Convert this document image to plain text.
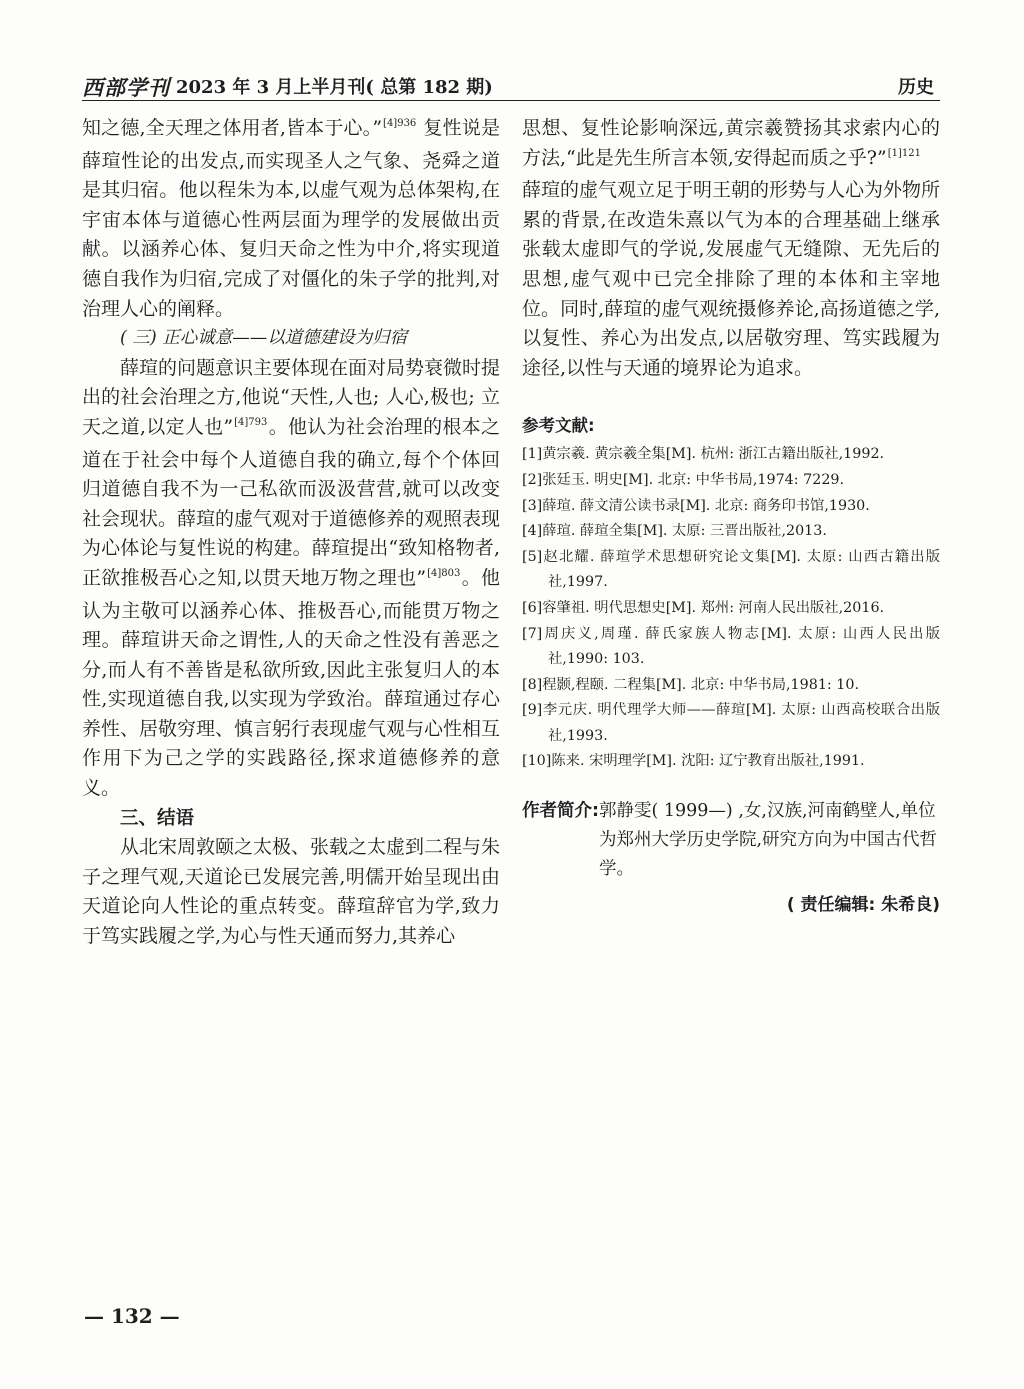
西部学刊 2023 年 3 月上半月刊( 总第 182 期)	历史

知之德,全天理之体用者,皆本于心。”$^{[4]936}$ 复性说是薛瑄性论的出发点,而实现圣人之气象、尧舜之道是其归宿。他以程朱为本,以虚气观为总体架构,在宇宙本体与道德心性两层面为理学的发展做出贡献。以涵养心体、复归天命之性为中介,将实现道德自我作为归宿,完成了对僵化的朱子学的批判,对治理人心的阐释。

( 三) 正心诚意——以道德建设为归宿

薛瑄的问题意识主要体现在面对局势衰微时提出的社会治理之方,他说“天性,人也; 人心,极也; 立天之道,以定人也”$^{[4]793}$。他认为社会治理的根本之道在于社会中每个人道德自我的确立,每个个体回归道德自我不为一己私欲而汲汲营营,就可以改变社会现状。薛瑄的虚气观对于道德修养的观照表现为心体论与复性说的构建。薛瑄提出“致知格物者,正欲推极吾心之知,以贯天地万物之理也”$^{[4]803}$。他认为主敬可以涵养心体、推极吾心,而能贯万物之理。薛瑄讲天命之谓性,人的天命之性没有善恶之分,而人有不善皆是私欲所致,因此主张复归人的本性,实现道德自我,以实现为学致治。薛瑄通过存心养性、居敬穷理、慎言躬行表现虚气观与心性相互作用下为己之学的实践路径,探求道德修养的意义。

三、结语

从北宋周敦颐之太极、张载之太虚到二程与朱子之理气观,天道论已发展完善,明儒开始呈现出由天道论向人性论的重点转变。薛瑄辞官为学,致力于笃实践履之学,为心与性天通而努力,其养心

思想、复性论影响深远,黄宗羲赞扬其求索内心的方法,“此是先生所言本领,安得起而质之乎?”$^{[1]121}$

薛瑄的虚气观立足于明王朝的形势与人心为外物所累的背景,在改造朱熹以气为本的合理基础上继承张载太虚即气的学说,发展虚气无缝隙、无先后的思想,虚气观中已完全排除了理的本体和主宰地位。同时,薛瑄的虚气观统摄修养论,高扬道德之学,以复性、养心为出发点,以居敬穷理、笃实践履为途径,以性与天通的境界论为追求。

参考文献:
[1]黄宗羲. 黄宗羲全集[M]. 杭州: 浙江古籍出版社,1992.
[2]张廷玉. 明史[M]. 北京: 中华书局,1974: 7229.
[3]薛瑄. 薛文清公读书录[M]. 北京: 商务印书馆,1930.
[4]薛瑄. 薛瑄全集[M]. 太原: 三晋出版社,2013.
[5]赵北耀. 薛瑄学术思想研究论文集[M]. 太原: 山西古籍出版社,1997.
[6]容肇祖. 明代思想史[M]. 郑州: 河南人民出版社,2016.
[7]周庆义,周瑾. 薛氏家族人物志[M]. 太原: 山西人民出版社,1990: 103.
[8]程颢,程颐. 二程集[M]. 北京: 中华书局,1981: 10.
[9]李元庆. 明代理学大师——薛瑄[M]. 太原: 山西高校联合出版社,1993.
[10]陈来. 宋明理学[M]. 沈阳: 辽宁教育出版社,1991.
作者简介: 郭静雯( 1999—) ,女,汉族,河南鹤壁人,单位为郑州大学历史学院,研究方向为中国古代哲学。
( 责任编辑: 朱希良)
— 132 —
